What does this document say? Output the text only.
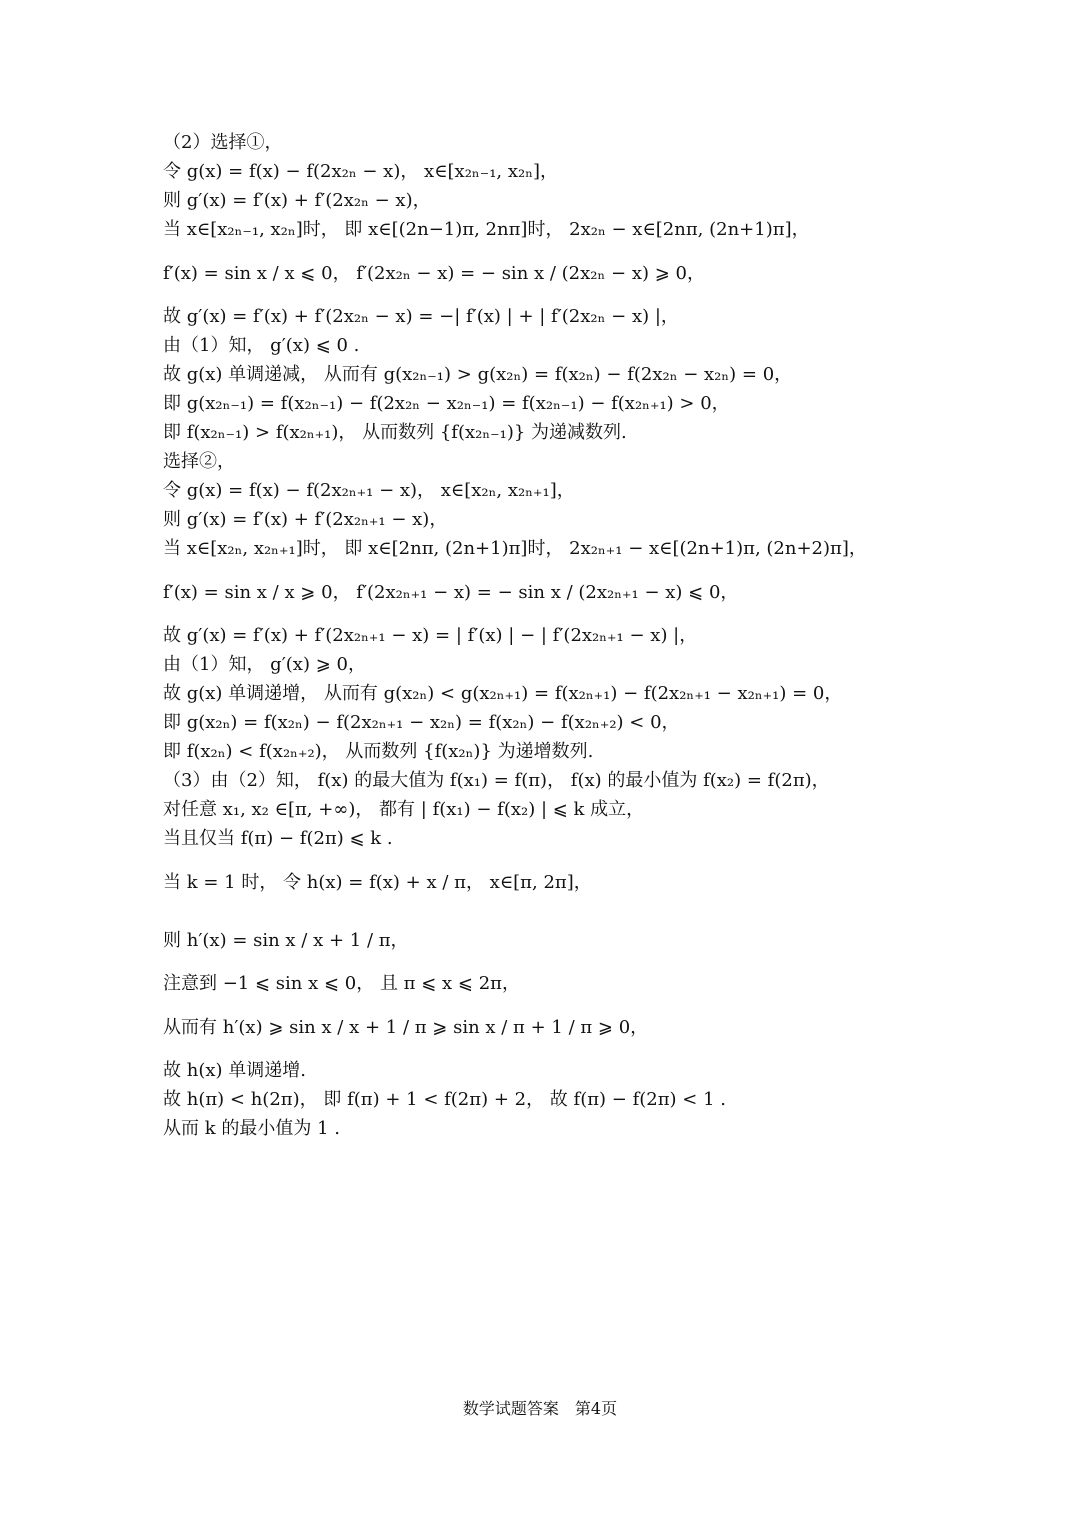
（2）选择①，
令 g(x) = f(x) − f(2x₂ₙ − x)， x∈[x₂ₙ₋₁, x₂ₙ]，
则 g′(x) = f′(x) + f′(2x₂ₙ − x)，
当 x∈[x₂ₙ₋₁, x₂ₙ]时， 即 x∈[(2n−1)π, 2nπ]时， 2x₂ₙ − x∈[2nπ, (2n+1)π]，
f′(x) = sin x / x ⩽ 0， f′(2x₂ₙ − x) = − sin x / (2x₂ₙ − x) ⩾ 0，
故 g′(x) = f′(x) + f′(2x₂ₙ − x) = −| f′(x) | + | f′(2x₂ₙ − x) |，
由（1）知， g′(x) ⩽ 0 .
故 g(x) 单调递减， 从而有 g(x₂ₙ₋₁) > g(x₂ₙ) = f(x₂ₙ) − f(2x₂ₙ − x₂ₙ) = 0，
即 g(x₂ₙ₋₁) = f(x₂ₙ₋₁) − f(2x₂ₙ − x₂ₙ₋₁) = f(x₂ₙ₋₁) − f(x₂ₙ₊₁) > 0，
即 f(x₂ₙ₋₁) > f(x₂ₙ₊₁)， 从而数列 {f(x₂ₙ₋₁)} 为递减数列.
选择②，
令 g(x) = f(x) − f(2x₂ₙ₊₁ − x)， x∈[x₂ₙ, x₂ₙ₊₁]，
则 g′(x) = f′(x) + f′(2x₂ₙ₊₁ − x)，
当 x∈[x₂ₙ, x₂ₙ₊₁]时， 即 x∈[2nπ, (2n+1)π]时， 2x₂ₙ₊₁ − x∈[(2n+1)π, (2n+2)π]，
f′(x) = sin x / x ⩾ 0， f′(2x₂ₙ₊₁ − x) = − sin x / (2x₂ₙ₊₁ − x) ⩽ 0，
故 g′(x) = f′(x) + f′(2x₂ₙ₊₁ − x) = | f′(x) | − | f′(2x₂ₙ₊₁ − x) |，
由（1）知， g′(x) ⩾ 0，
故 g(x) 单调递增， 从而有 g(x₂ₙ) < g(x₂ₙ₊₁) = f(x₂ₙ₊₁) − f(2x₂ₙ₊₁ − x₂ₙ₊₁) = 0，
即 g(x₂ₙ) = f(x₂ₙ) − f(2x₂ₙ₊₁ − x₂ₙ) = f(x₂ₙ) − f(x₂ₙ₊₂) < 0，
即 f(x₂ₙ) < f(x₂ₙ₊₂)， 从而数列 {f(x₂ₙ)} 为递增数列.
（3）由（2）知， f(x) 的最大值为 f(x₁) = f(π)， f(x) 的最小值为 f(x₂) = f(2π)，
对任意 x₁, x₂ ∈[π, +∞)， 都有 | f(x₁) − f(x₂) | ⩽ k 成立，
当且仅当 f(π) − f(2π) ⩽ k .
当 k = 1 时， 令 h(x) = f(x) + x / π， x∈[π, 2π]，
则 h′(x) = sin x / x + 1 / π，
注意到 −1 ⩽ sin x ⩽ 0， 且 π ⩽ x ⩽ 2π，
从而有 h′(x) ⩾ sin x / x + 1 / π ⩾ sin x / π + 1 / π ⩾ 0，
故 h(x) 单调递增.
故 h(π) < h(2π)， 即 f(π) + 1 < f(2π) + 2， 故 f(π) − f(2π) < 1 .
从而 k 的最小值为 1 .
数学试题答案　第4页
